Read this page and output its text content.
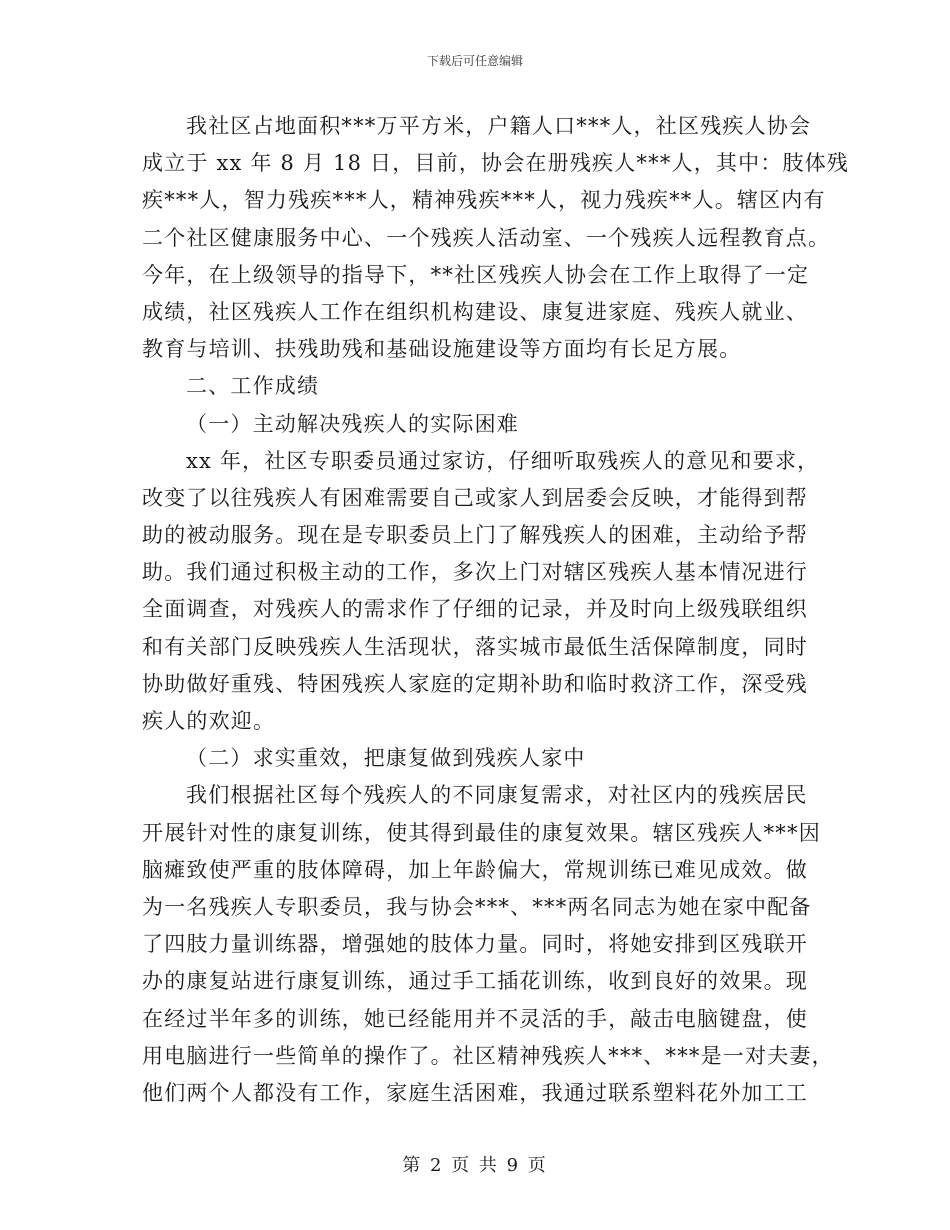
下载后可任意编辑
我社区占地面积***万平方米，户籍人口***人，社区残疾人协会
成立于 xx 年 8 月 18 日，目前，协会在册残疾人***人，其中：肢体残
疾***人，智力残疾***人，精神残疾***人，视力残疾**人。辖区内有
二个社区健康服务中心、一个残疾人活动室、一个残疾人远程教育点。
今年，在上级领导的指导下，**社区残疾人协会在工作上取得了一定
成绩，社区残疾人工作在组织机构建设、康复进家庭、残疾人就业、
教育与培训、扶残助残和基础设施建设等方面均有长足方展。
二、工作成绩
（一）主动解决残疾人的实际困难
xx 年，社区专职委员通过家访，仔细听取残疾人的意见和要求，
改变了以往残疾人有困难需要自己或家人到居委会反映，才能得到帮
助的被动服务。现在是专职委员上门了解残疾人的困难，主动给予帮
助。我们通过积极主动的工作，多次上门对辖区残疾人基本情况进行
全面调查，对残疾人的需求作了仔细的记录，并及时向上级残联组织
和有关部门反映残疾人生活现状，落实城市最低生活保障制度，同时
协助做好重残、特困残疾人家庭的定期补助和临时救济工作，深受残
疾人的欢迎。
（二）求实重效，把康复做到残疾人家中
我们根据社区每个残疾人的不同康复需求，对社区内的残疾居民
开展针对性的康复训练，使其得到最佳的康复效果。辖区残疾人***因
脑瘫致使严重的肢体障碍，加上年龄偏大，常规训练已难见成效。做
为一名残疾人专职委员，我与协会***、***两名同志为她在家中配备
了四肢力量训练器，增强她的肢体力量。同时，将她安排到区残联开
办的康复站进行康复训练，通过手工插花训练，收到良好的效果。现
在经过半年多的训练，她已经能用并不灵活的手，敲击电脑键盘，使
用电脑进行一些简单的操作了。社区精神残疾人***、***是一对夫妻，
他们两个人都没有工作，家庭生活困难，我通过联系塑料花外加工工
第 2 页 共 9 页
